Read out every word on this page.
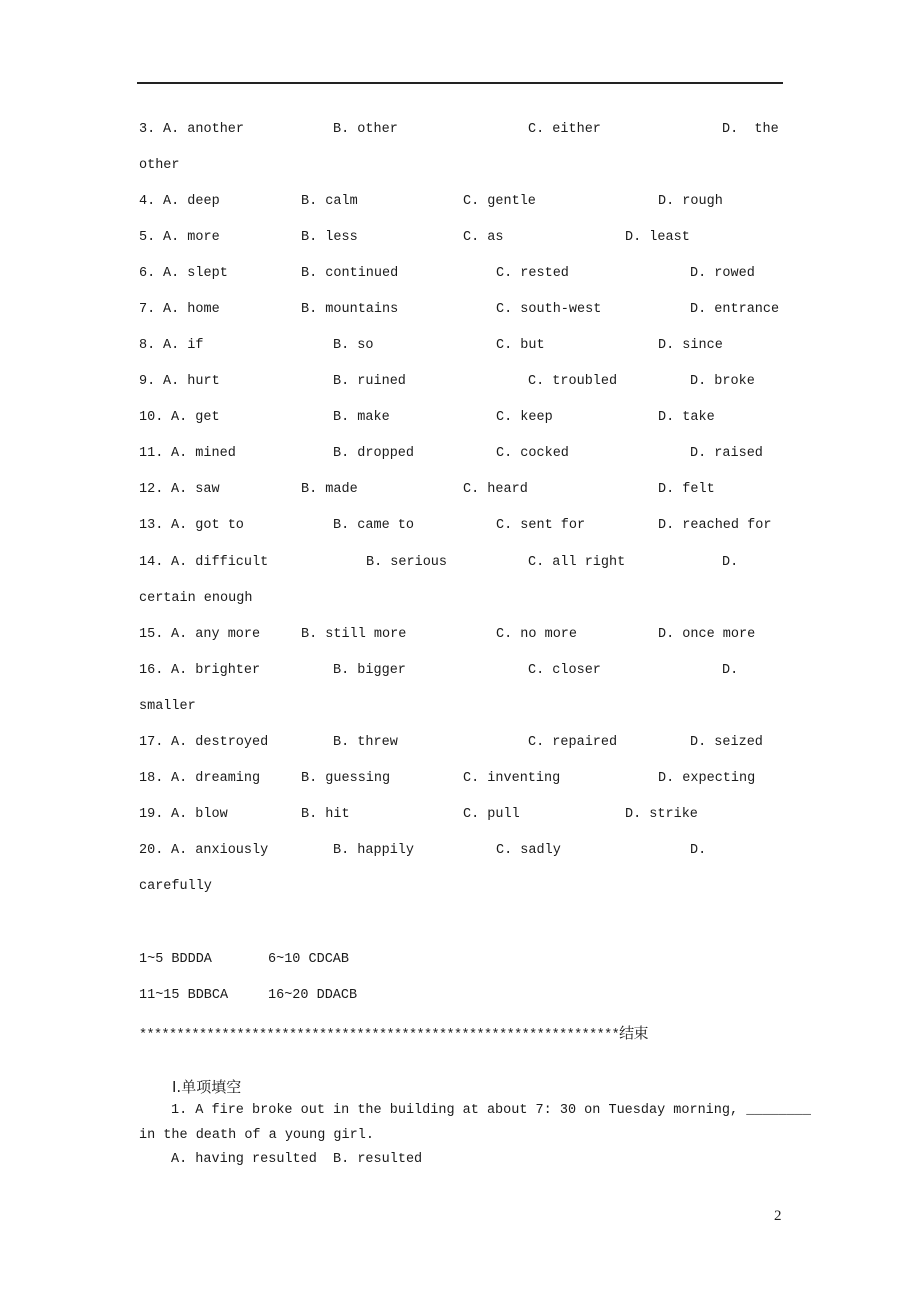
3. A. another	B. other	C. either	D.  the
other
4. A. deep	B. calm	C. gentle	D. rough
5. A. more	B. less	C. as	D. least
6. A. slept	B. continued	C. rested	D. rowed
7. A. home	B. mountains	C. south-west	D. entrance
8. A. if	B. so	C. but	D. since
9. A. hurt	B. ruined	C. troubled	D. broke
10. A. get	B. make	C. keep	D. take
11. A. mined	B. dropped	C. cocked	D. raised
12. A. saw	B. made	C. heard	D. felt
13. A. got to	B. came to	C. sent for	D. reached for
14. A. difficult	B. serious	C. all right	D.
certain enough
15. A. any more	B. still more	C. no more	D. once more
16. A. brighter	B. bigger	C. closer	D.
smaller
17. A. destroyed	B. threw	C. repaired	D. seized
18. A. dreaming	B. guessing	C. inventing	D. expecting
19. A. blow	B. hit	C. pull	D. strike
20. A. anxiously	B. happily	C. sadly	D.
carefully
1~5 BDDDA	6~10 CDCAB
11~15 BDBCA	16~20 DDACB
****************************************************************结束
Ⅰ.单项填空
1. A fire broke out in the building at about 7: 30 on Tuesday morning, ________
in the death of a young girl.
A. having resulted  B. resulted
2
